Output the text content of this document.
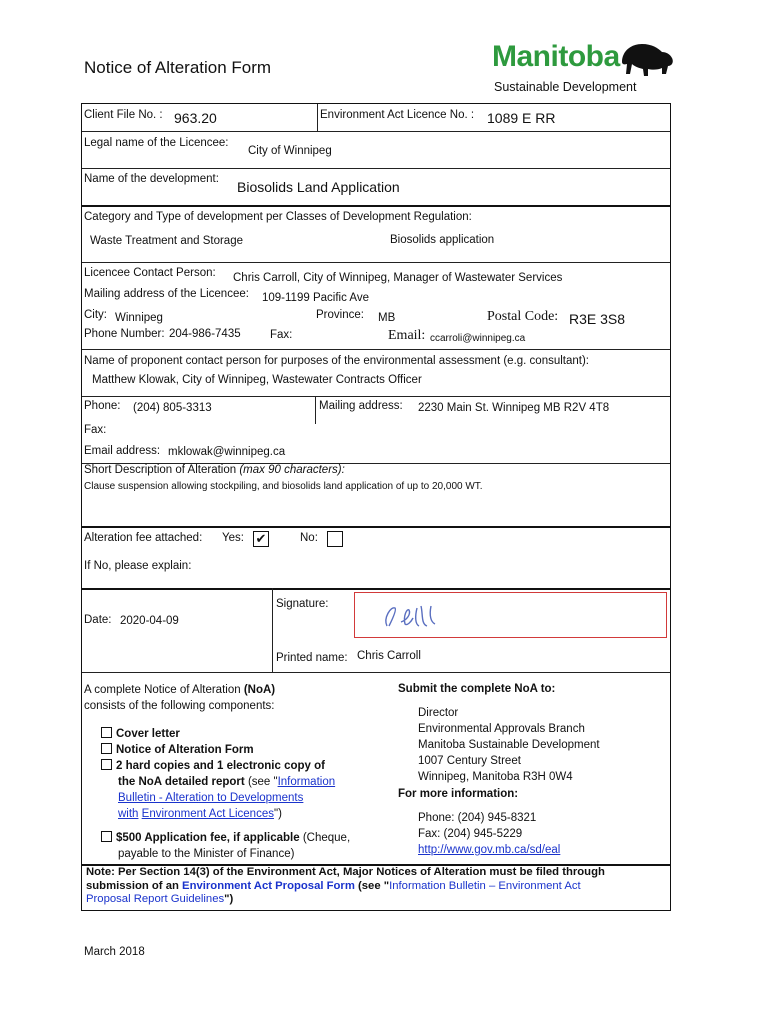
Notice of Alteration Form	Manitoba
Sustainable Development
Client File No. : 963.20	Environment Act Licence No. : 1089 E RR
Legal name of the Licencee:
City of Winnipeg
Name of the development: Biosolids Land Application
Category and Type of development per Classes of Development Regulation:
Waste Treatment and Storage	Biosolids application
Licencee Contact Person: Chris Carroll, City of Winnipeg, Manager of Wastewater Services
Mailing address of the Licencee: 109-1199 Pacific Ave
City: Winnipeg	Province: MB	Postal Code: R3E 3S8
Phone Number: 204-986-7435	Fax:	Email: ccarroli@winnipeg.ca
Name of proponent contact person for purposes of the environmental assessment (e.g. consultant):
Matthew Klowak, City of Winnipeg, Wastewater Contracts Officer
Phone: (204) 805-3313	Mailing address: 2230 Main St. Winnipeg MB R2V 4T8
Fax:
Email address: mklowak@winnipeg.ca
Short Description of Alteration (max 90 characters):
Clause suspension allowing stockpiling, and biosolids land application of up to 20,000 WT.
Alteration fee attached: Yes: ✔	No:
If No, please explain:
Date: 2020-04-09
Signature:
Printed name: Chris Carroll
A complete Notice of Alteration (NoA)
consists of the following components:
Cover letter
Notice of Alteration Form
2 hard copies and 1 electronic copy of
the NoA detailed report (see "Information
Bulletin - Alteration to Developments
with Environment Act Licences")
$500 Application fee, if applicable (Cheque,
payable to the Minister of Finance)
Submit the complete NoA to:
Director
Environmental Approvals Branch
Manitoba Sustainable Development
1007 Century Street
Winnipeg, Manitoba R3H 0W4
For more information:
Phone: (204) 945-8321
Fax: (204) 945-5229
http://www.gov.mb.ca/sd/eal
Note: Per Section 14(3) of the Environment Act, Major Notices of Alteration must be filed through
submission of an Environment Act Proposal Form (see "Information Bulletin – Environment Act
Proposal Report Guidelines")
March 2018
